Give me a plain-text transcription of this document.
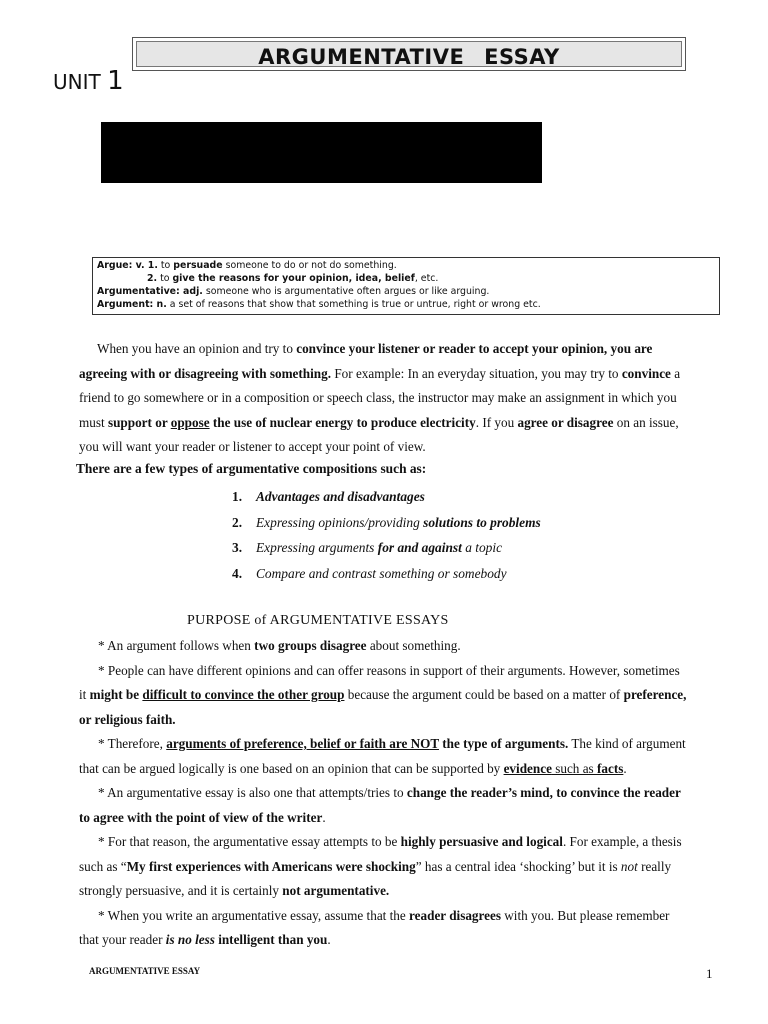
ARGUMENTATIVE ESSAY
UNIT 1
Argue: v. 1. to persuade someone to do or not do something.
2. to give the reasons for your opinion, idea, belief, etc.
Argumentative: adj. someone who is argumentative often argues or like arguing.
Argument: n. a set of reasons that show that something is true or untrue, right or wrong etc.
When you have an opinion and try to convince your listener or reader to accept your opinion, you are
agreeing with or disagreeing with something. For example: In an everyday situation, you may try to convince a
friend to go somewhere or in a composition or speech class, the instructor may make an assignment in which you
must support or oppose the use of nuclear energy to produce electricity. If you agree or disagree on an issue,
you will want your reader or listener to accept your point of view.
There are a few types of argumentative compositions such as:
1. Advantages and disadvantages
2. Expressing opinions/providing solutions to problems
3. Expressing arguments for and against a topic
4. Compare and contrast something or somebody
PURPOSE of ARGUMENTATIVE ESSAYS
* An argument follows when two groups disagree about something.
* People can have different opinions and can offer reasons in support of their arguments. However, sometimes
it might be difficult to convince the other group because the argument could be based on a matter of preference,
or religious faith.
* Therefore, arguments of preference, belief or faith are NOT the type of arguments. The kind of argument
that can be argued logically is one based on an opinion that can be supported by evidence such as facts.
* An argumentative essay is also one that attempts/tries to change the reader’s mind, to convince the reader
to agree with the point of view of the writer.
* For that reason, the argumentative essay attempts to be highly persuasive and logical. For example, a thesis
such as “My first experiences with Americans were shocking” has a central idea ‘shocking’ but it is not really
strongly persuasive, and it is certainly not argumentative.
* When you write an argumentative essay, assume that the reader disagrees with you. But please remember
that your reader is no less intelligent than you.
ARGUMENTATIVE ESSAY	1
